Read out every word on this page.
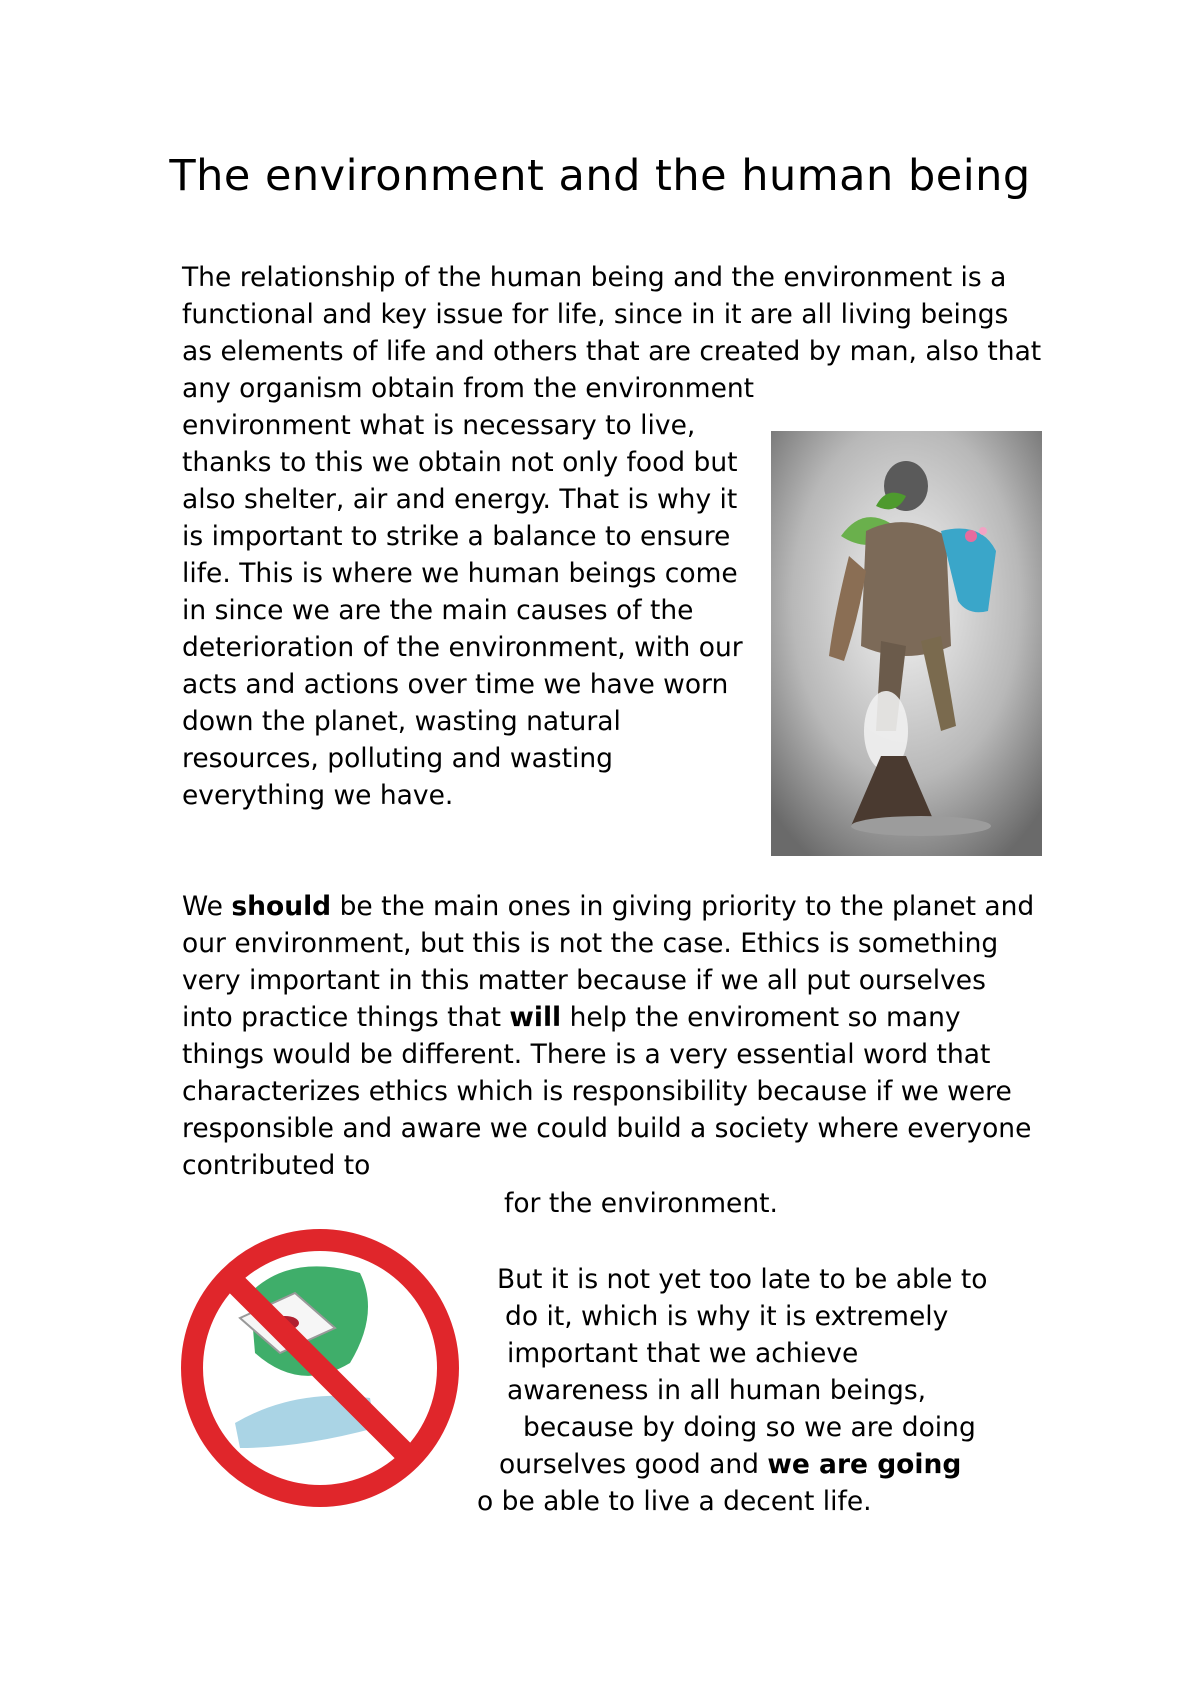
The environment and the human being

The relationship of the human being and the environment is a functional and key issue for life, since in it are all living beings as elements of life and others that are created by man, also that any organism obtain from the environment

environment what is necessary to live, thanks to this we obtain not only food but also shelter, air and energy. That is why it is important to strike a balance to ensure life. This is where we human beings come in since we are the main causes of the deterioration of the environment, with our acts and actions over time we have worn down the planet, wasting natural resources, polluting and wasting everything we have.

We should be the main ones in giving priority to the planet and our environment, but this is not the case. Ethics is something very important in this matter because if we all put ourselves into practice things that will help the enviroment so many things would be different. There is a very essential word that characterizes ethics which is responsibility because if we were responsible and aware we could build a society where everyone contributed to

for the environment.

But it is not yet too late to be able to
do it, which is why it is extremely
important that we achieve
awareness in all human beings,
because by doing so we are doing
ourselves good and we are going
o be able to live a decent life.
